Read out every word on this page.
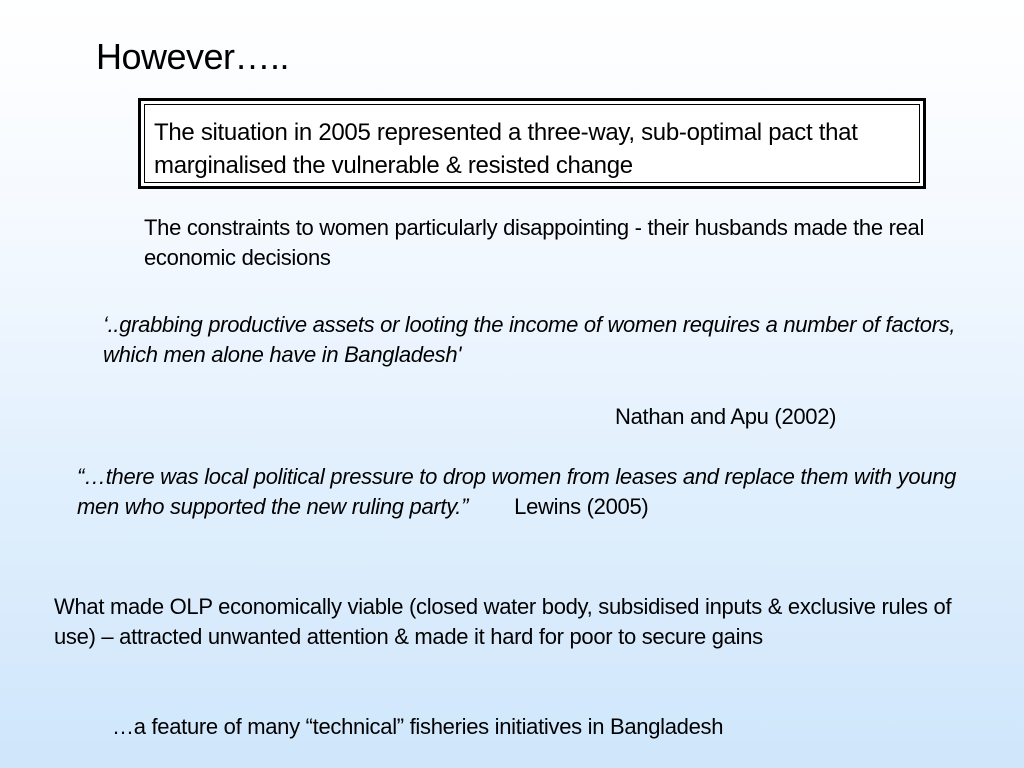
However…..
The situation in 2005 represented a three-way, sub-optimal pact that marginalised the vulnerable & resisted change

The constraints to women particularly disappointing - their husbands made the real economic decisions

‘..grabbing productive assets or looting the income of women requires a number of factors, which men alone have in Bangladesh'

Nathan and Apu (2002)

“…there was local political pressure to drop women from leases and replace them with young men who supported the new ruling party.” Lewins (2005)

What made OLP economically viable (closed water body, subsidised inputs & exclusive rules of use) – attracted unwanted attention & made it hard for poor to secure gains

…a feature of many “technical” fisheries initiatives in Bangladesh
